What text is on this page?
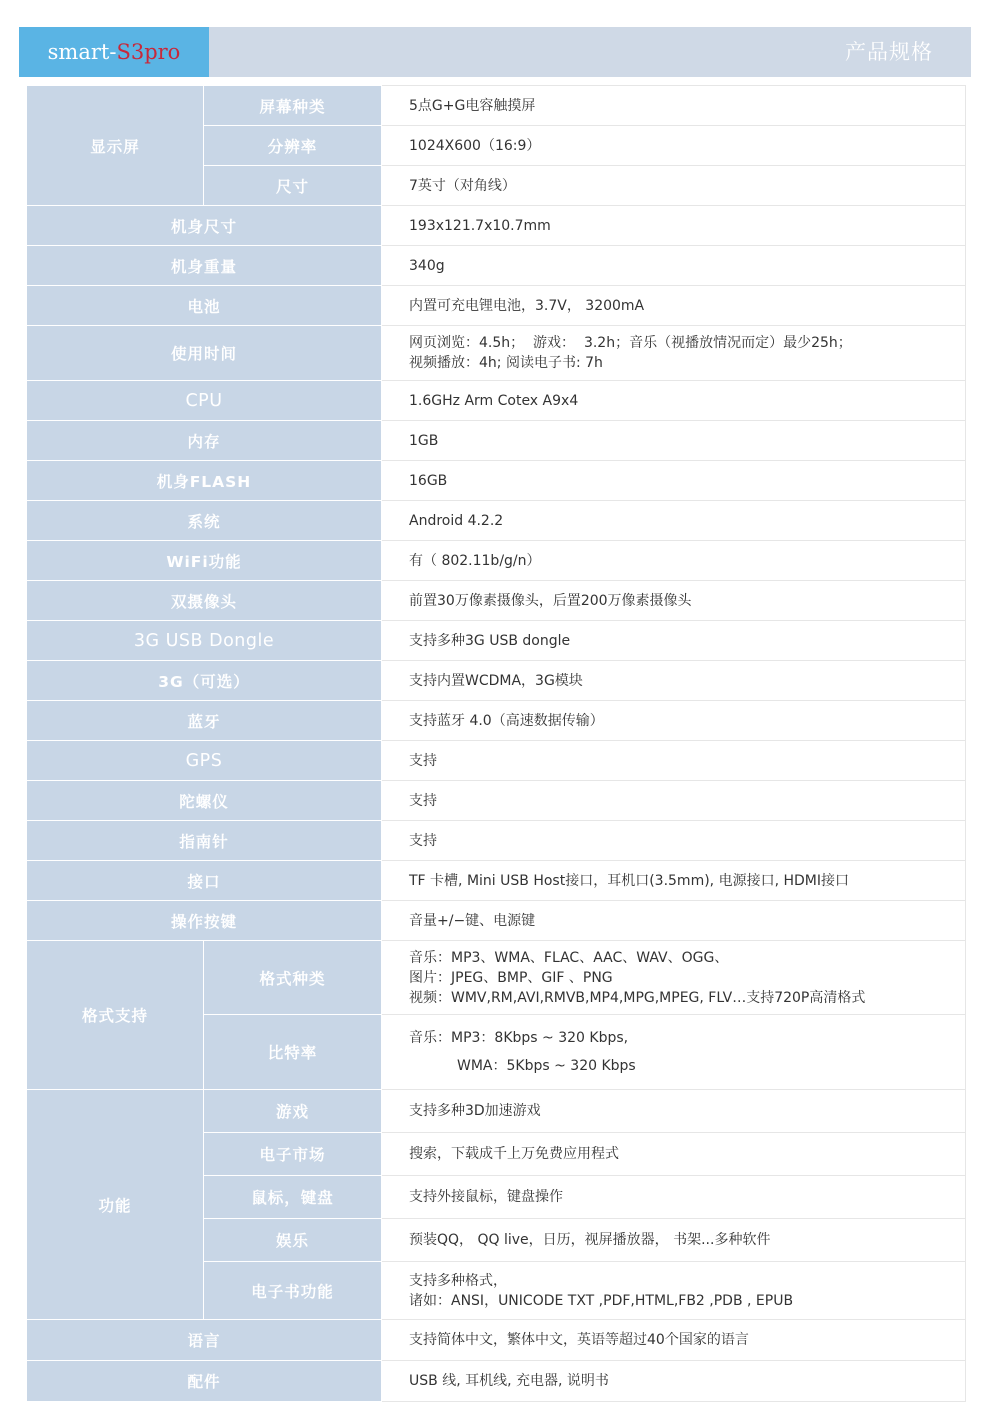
smart-S3pro	产品规格
显示屏	屏幕种类	5点G+G电容触摸屏
	分辨率	1024X600（16:9）
	尺寸	7英寸（对角线）
机身尺寸		193x121.7x10.7mm
机身重量		340g
电池		内置可充电锂电池，3.7V， 3200mA
使用时间		网页浏览：4.5h；  游戏：  3.2h；音乐（视播放情况而定）最少25h；
视频播放：4h; 阅读电子书: 7h

CPU		1.6GHz Arm Cotex A9x4
内存		1GB
机身FLASH		16GB
系统		Android 4.2.2
WiFi功能		有（ 802.11b/g/n）
双摄像头		前置30万像素摄像头，后置200万像素摄像头
3G USB Dongle		支持多种3G USB dongle
3G（可选）		支持内置WCDMA，3G模块
蓝牙		支持蓝牙 4.0（高速数据传输）
GPS		支持
陀螺仪		支持
指南针		支持
接口		TF 卡槽, Mini USB Host接口，耳机口(3.5mm), 电源接口, HDMI接口
操作按键		音量+/−键、电源键
格式支持	格式种类	音乐：MP3、WMA、FLAC、AAC、WAV、OGG、
图片：JPEG、BMP、GIF 、PNG
视频：WMV,RM,AVI,RMVB,MP4,MPG,MPEG, FLV…支持720P高清格式

	比特率	音乐：MP3：8Kbps ~ 320 Kbps,
WMA：5Kbps ~ 320 Kbps

功能	游戏	支持多种3D加速游戏

	电子市场	搜索，下载成千上万免费应用程式

	鼠标，键盘	支持外接鼠标，键盘操作

	娱乐	预装QQ， QQ live，日历，视屏播放器， 书架...多种软件

	电子书功能	支持多种格式，
诸如：ANSI，UNICODE TXT ,PDF,HTML,FB2 ,PDB , EPUB

语言		支持简体中文，繁体中文，英语等超过40个国家的语言
配件		USB 线, 耳机线, 充电器, 说明书
